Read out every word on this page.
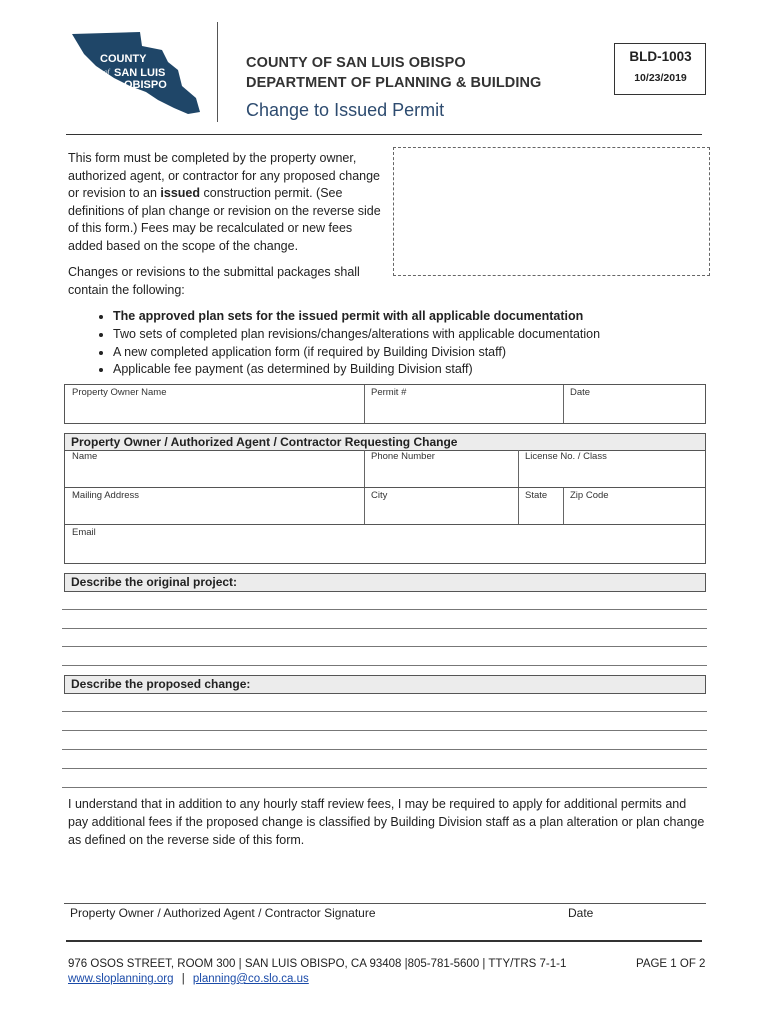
COUNTY
of SAN LUIS
OBISPO
COUNTY OF SAN LUIS OBISPO
DEPARTMENT OF PLANNING & BUILDING
Change to Issued Permit
BLD-1003
10/23/2019
This form must be completed by the property owner, authorized agent, or contractor for any proposed change or revision to an issued construction permit. (See definitions of plan change or revision on the reverse side of this form.) Fees may be recalculated or new fees added based on the scope of the change.
Changes or revisions to the submittal packages shall contain the following:
• The approved plan sets for the issued permit with all applicable documentation
• Two sets of completed plan revisions/changes/alterations with applicable documentation
• A new completed application form (if required by Building Division staff)
• Applicable fee payment (as determined by Building Division staff)
Property Owner Name	Permit #	Date
Property Owner / Authorized Agent / Contractor Requesting Change
Name	Phone Number	License No. / Class
Mailing Address	City	State Zip Code
Email
Describe the original project:
Describe the proposed change:
I understand that in addition to any hourly staff review fees, I may be required to apply for additional permits and pay additional fees if the proposed change is classified by Building Division staff as a plan alteration or plan change as defined on the reverse side of this form.
Property Owner / Authorized Agent / Contractor Signature	Date
976 OSOS STREET, ROOM 300 | SAN LUIS OBISPO, CA 93408 |805-781-5600 | TTY/TRS 7-1-1
www.sloplanning.org | planning@co.slo.ca.us
PAGE 1 OF 2
